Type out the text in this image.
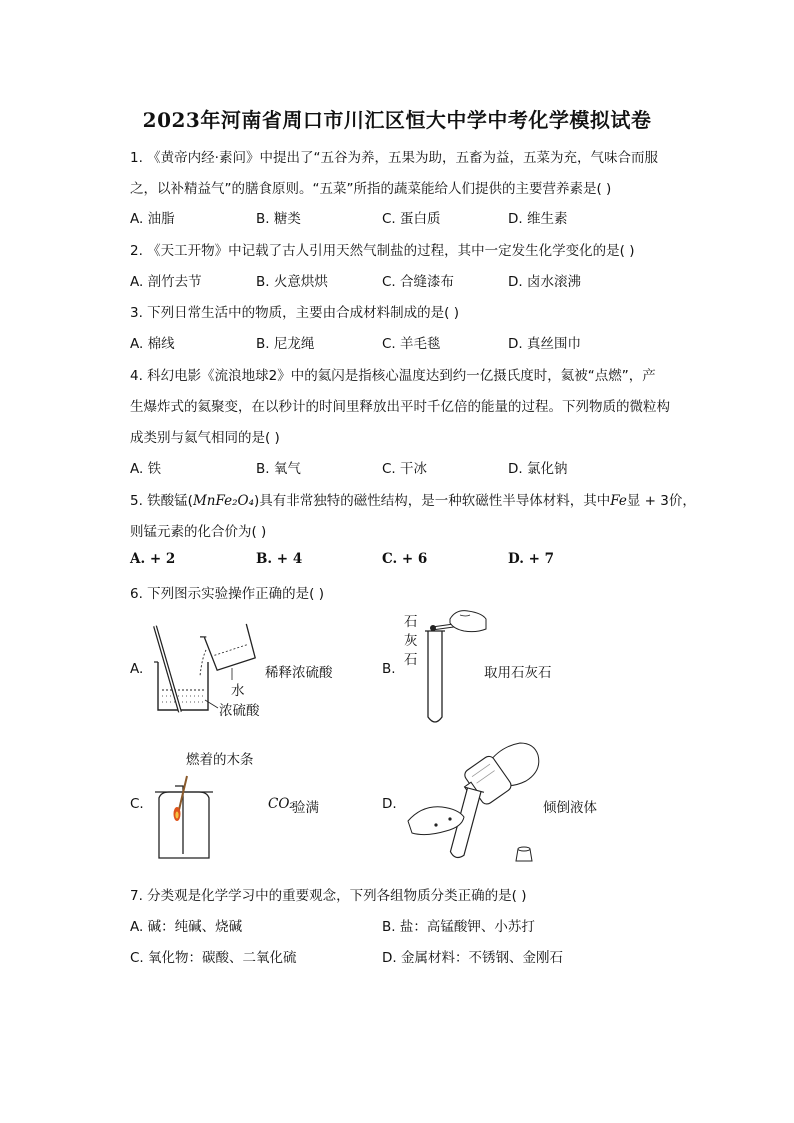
2023年河南省周口市川汇区恒大中学中考化学模拟试卷
1. 《黄帝内经·素问》中提出了“五谷为养，五果为助，五畜为益，五菜为充，气味合而服
之，以补精益气”的膳食原则。“五菜”所指的蔬菜能给人们提供的主要营养素是( )
A. 油脂	B. 糖类	C. 蛋白质	D. 维生素
2. 《天工开物》中记载了古人引用天然气制盐的过程，其中一定发生化学变化的是( )
A. 剖竹去节	B. 火意烘烘	C. 合缝漆布	D. 卤水滚沸
3. 下列日常生活中的物质，主要由合成材料制成的是( )
A. 棉线	B. 尼龙绳	C. 羊毛毯	D. 真丝围巾
4. 科幻电影《流浪地球2》中的氦闪是指核心温度达到约一亿摄氏度时，氦被“点燃”，产
生爆炸式的氦聚变，在以秒计的时间里释放出平时千亿倍的能量的过程。下列物质的微粒构
成类别与氦气相同的是( )
A. 铁	B. 氧气	C. 干冰	D. 氯化钠
5. 铁酸锰(MnFe₂O₄)具有非常独特的磁性结构，是一种软磁性半导体材料，其中Fe显 + 3价，
则锰元素的化合价为( )
A. + 2	B. + 4	C. + 6	D. + 7
6. 下列图示实验操作正确的是( )
A.
水
浓硫酸
稀释浓硫酸	B.
石
灰
石
取用石灰石
燃着的木条
C.	CO₂
验满	D.	倾倒液体
7. 分类观是化学学习中的重要观念，下列各组物质分类正确的是( )
A. 碱：纯碱、烧碱	B. 盐：高锰酸钾、小苏打
C. 氧化物：碳酸、二氧化硫	D. 金属材料：不锈钢、金刚石
